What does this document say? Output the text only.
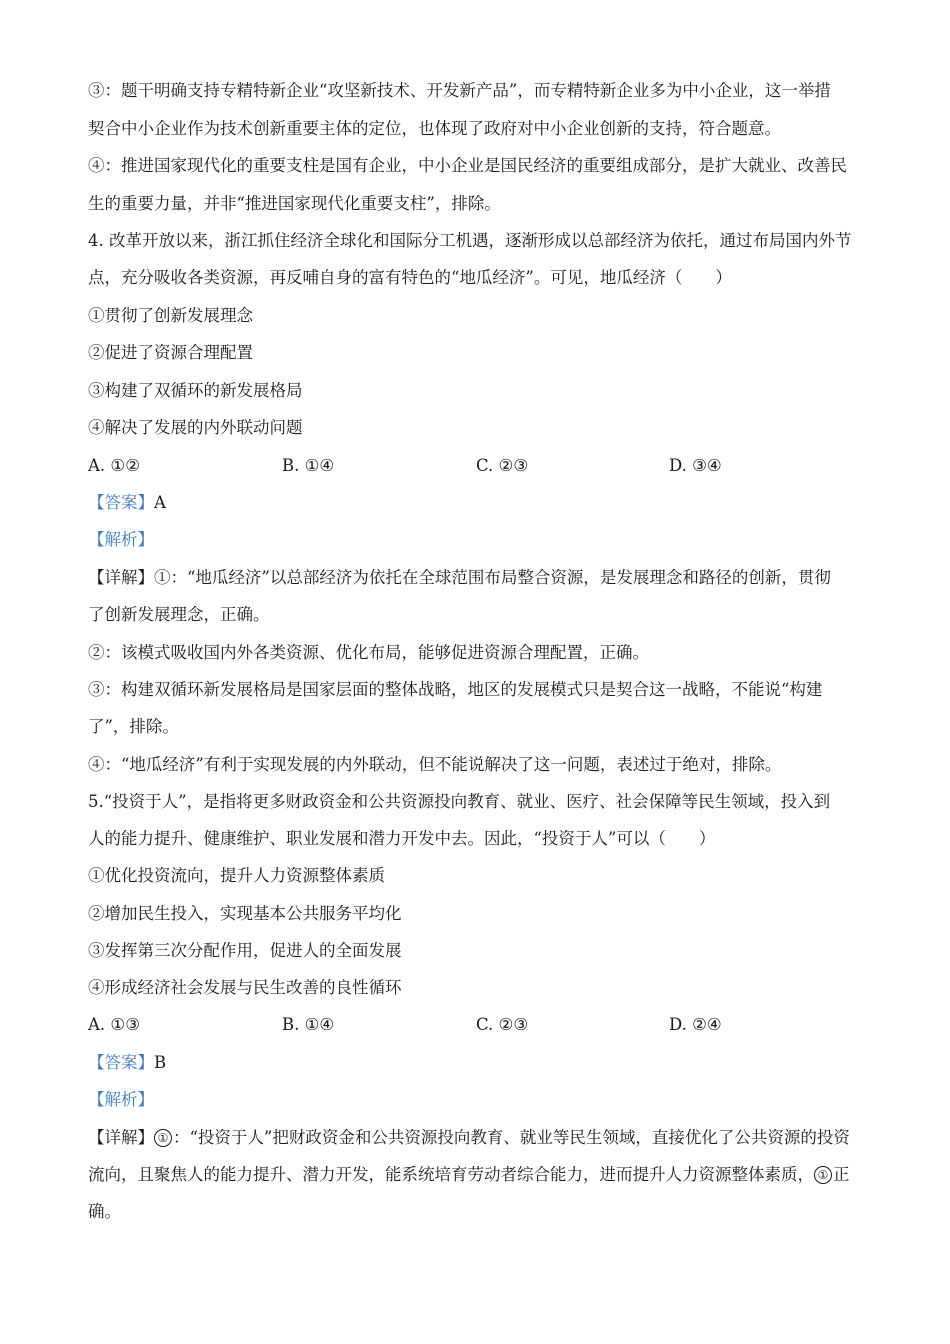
③：题干明确支持专精特新企业“攻坚新技术、开发新产品”，而专精特新企业多为中小企业，这一举措
契合中小企业作为技术创新重要主体的定位，也体现了政府对中小企业创新的支持，符合题意。
④：推进国家现代化的重要支柱是国有企业，中小企业是国民经济的重要组成部分，是扩大就业、改善民
生的重要力量，并非“推进国家现代化重要支柱”，排除。
4. 改革开放以来，浙江抓住经济全球化和国际分工机遇，逐渐形成以总部经济为依托，通过布局国内外节
点，充分吸收各类资源，再反哺自身的富有特色的“地瓜经济”。可见，地瓜经济（　　）
①贯彻了创新发展理念
②促进了资源合理配置
③构建了双循环的新发展格局
④解决了发展的内外联动问题
A. ①②	B. ①④	C. ②③	D. ③④
【答案】A
【解析】
【详解】①：“地瓜经济”以总部经济为依托在全球范围布局整合资源，是发展理念和路径的创新，贯彻
了创新发展理念，正确。
②：该模式吸收国内外各类资源、优化布局，能够促进资源合理配置，正确。
③：构建双循环新发展格局是国家层面的整体战略，地区的发展模式只是契合这一战略，不能说“构建
了”，排除。
④：“地瓜经济”有利于实现发展的内外联动，但不能说解决了这一问题，表述过于绝对，排除。
5.“投资于人”，是指将更多财政资金和公共资源投向教育、就业、医疗、社会保障等民生领域，投入到
人的能力提升、健康维护、职业发展和潜力开发中去。因此，“投资于人”可以（　　）
①优化投资流向，提升人力资源整体素质
②增加民生投入，实现基本公共服务平均化
③发挥第三次分配作用，促进人的全面发展
④形成经济社会发展与民生改善的良性循环
A. ①③	B. ①④	C. ②③	D. ②④
【答案】B
【解析】
【详解】 ① ：“投资于人”把财政资金和公共资源投向教育、就业等民生领域，直接优化了公共资源的投资
流向，且聚焦人的能力提升、潜力开发，能系统培育劳动者综合能力，进而提升人力资源整体素质， ① 正
确。
